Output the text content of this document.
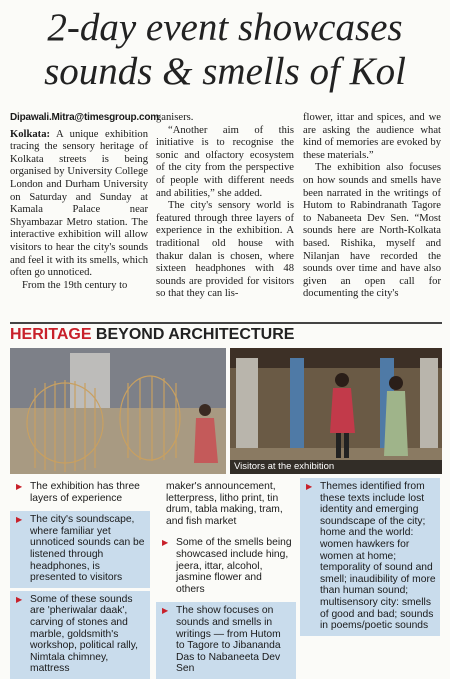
2-day event showcases
sounds & smells of Kol
Dipawali.Mitra@timesgroup.com

Kolkata: A unique exhibition tracing the sensory heritage of Kolkata streets is being organised by University College London and Durham University on Saturday and Sunday at Kamala Palace near Shyambazar Metro station. The interactive exhibition will allow visitors to hear the city's sounds and feel it with its smells, which often go unnoticed.

From the 19th century to

ganisers.

“Another aim of this initiative is to recognise the sonic and olfactory ecosystem of the city from the perspective of people with different needs and abilities,” she added.

The city's sensory world is featured through three layers of experience in the exhibition. A traditional old house with thakur dalan is chosen, where sixteen headphones with 48 sounds are provided for visitors so that they can lis-

flower, ittar and spices, and we are asking the audience what kind of memories are evoked by these materials.”

The exhibition also focuses on how sounds and smells have been narrated in the writings of Hutom to Rabindranath Tagore to Nabaneeta Dev Sen. “Most sounds here are North-Kolkata based. Rishika, myself and Nilanjan have recorded the sounds over time and have also given an open call for documenting the city's

HERITAGE BEYOND ARCHITECTURE
Visitors at the exhibition
▶ The exhibition has three layers of experience
▶ The city's soundscape, where familiar yet unnoticed sounds can be listened through headphones, is presented to visitors
▶ Some of these sounds are 'pheriwalar daak', carving of stones and marble, goldsmith's workshop, political rally, Nimtala chimney, mattress
maker's announcement, letterpress, litho print, tin drum, tabla making, tram, and fish market
▶ Some of the smells being showcased include hing, jeera, ittar, alcohol, jasmine flower and others
▶ The show focuses on sounds and smells in writings — from Hutom to Tagore to Jibananda Das to Nabaneeta Dev Sen
▶ Themes identified from these texts include lost identity and emerging soundscape of the city; home and the world: women hawkers for women at home; temporality of sound and smell; inaudibility of more than human sound; multisensory city: smells of good and bad; sounds in poems/poetic sounds
